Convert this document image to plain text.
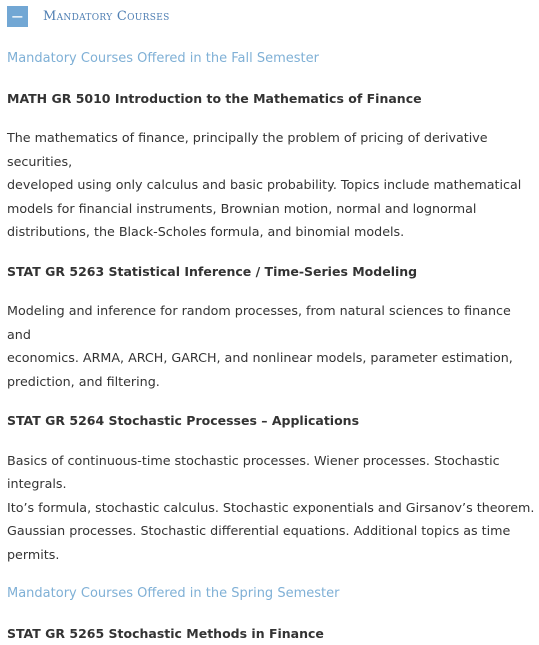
− Mandatory Courses

Mandatory Courses Offered in the Fall Semester

MATH GR 5010 Introduction to the Mathematics of Finance

The mathematics of finance, principally the problem of pricing of derivative securities,
developed using only calculus and basic probability. Topics include mathematical
models for financial instruments, Brownian motion, normal and lognormal
distributions, the Black-Scholes formula, and binomial models.

STAT GR 5263 Statistical Inference / Time-Series Modeling

Modeling and inference for random processes, from natural sciences to finance and
economics. ARMA, ARCH, GARCH, and nonlinear models, parameter estimation,
prediction, and filtering.

STAT GR 5264 Stochastic Processes – Applications

Basics of continuous-time stochastic processes. Wiener processes. Stochastic integrals.
Ito’s formula, stochastic calculus. Stochastic exponentials and Girsanov’s theorem.
Gaussian processes. Stochastic differential equations. Additional topics as time
permits.

Mandatory Courses Offered in the Spring Semester

STAT GR 5265 Stochastic Methods in Finance
